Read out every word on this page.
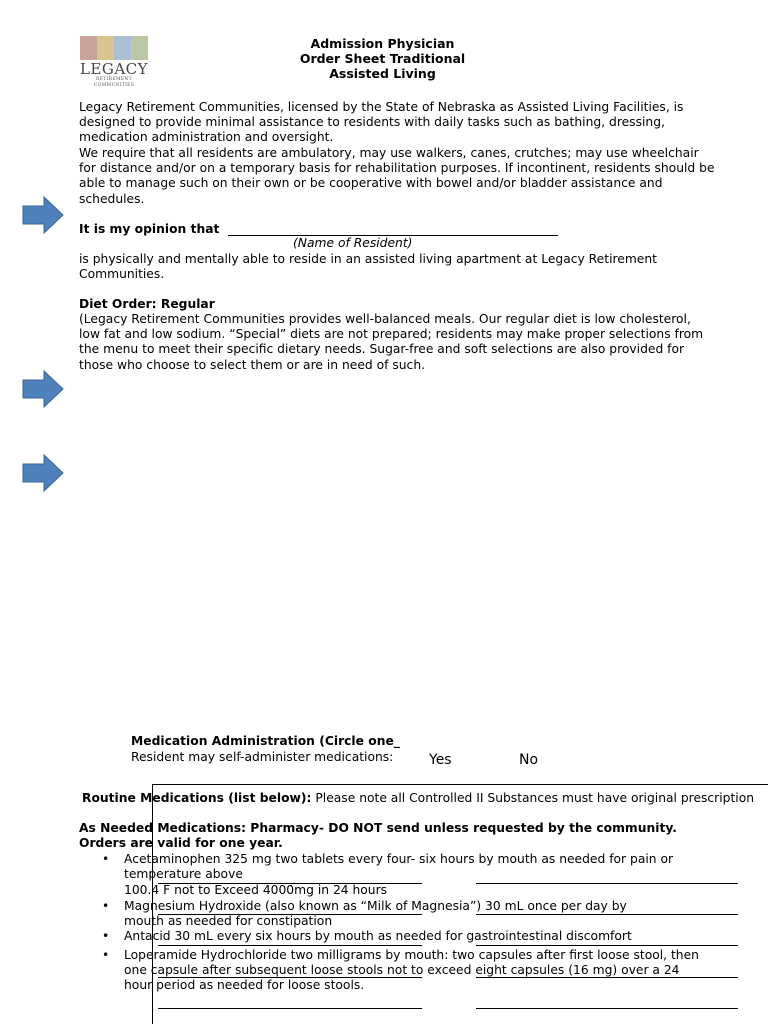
LEGACY
RETIREMENT COMMUNITIES
Admission Physician
Order Sheet Traditional
Assisted Living
Legacy Retirement Communities, licensed by the State of Nebraska as Assisted Living Facilities, is designed to provide minimal assistance to residents with daily tasks such as bathing, dressing, medication administration and oversight.
We require that all residents are ambulatory, may use walkers, canes, crutches; may use wheelchair for distance and/or on a temporary basis for rehabilitation purposes. If incontinent, residents should be able to manage such on their own or be cooperative with bowel and/or bladder assistance and schedules.
It is my opinion that
(Name of Resident)
is physically and mentally able to reside in an assisted living apartment at Legacy Retirement Communities.
Diet Order: Regular
(Legacy Retirement Communities provides well-balanced meals. Our regular diet is low cholesterol, low fat and low sodium. “Special” diets are not prepared; residents may make proper selections from the menu to meet their specific dietary needs. Sugar-free and soft selections are also provided for those who choose to select them or are in need of such.
Medication Administration (Circle one_
Resident may self-administer medications:	Yes	No
Routine Medications (list below): Please note all Controlled II Substances must have original prescription
As Needed Medications: Pharmacy- DO NOT send unless requested by the community.
Orders are valid for one year.
• Acetaminophen 325 mg two tablets every four- six hours by mouth as needed for pain or temperature above
100.4 F not to Exceed 4000mg in 24 hours
• Magnesium Hydroxide (also known as “Milk of Magnesia”) 30 mL once per day by mouth as needed for constipation
• Antacid 30 mL every six hours by mouth as needed for gastrointestinal discomfort
• Loperamide Hydrochloride two milligrams by mouth: two capsules after first loose stool, then one capsule after subsequent loose stools not to exceed eight capsules (16 mg) over a 24 hour period as needed for loose stools.
